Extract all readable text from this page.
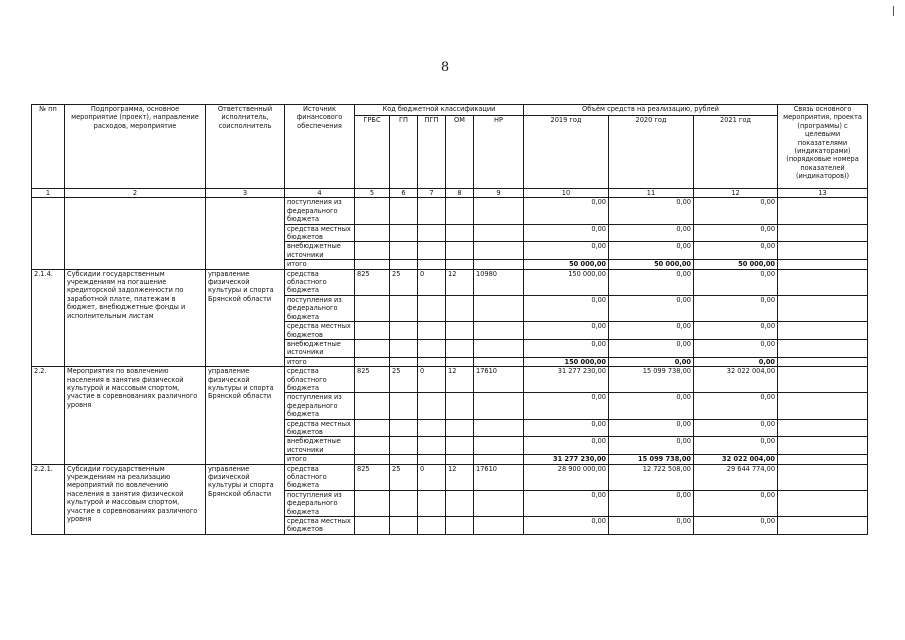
8
№ пп	Подпрограмма, основное мероприятие (проект), направление расходов, мероприятие	Ответственный исполнитель, соисполнитель	Источник финансового обеспечения	Код бюджетной классификации					Объём средств на реализацию, рублей			Связь основного мероприятия, проекта (программы) с целевыми показателями (индикаторами) (порядковые номера показателей (индикаторов))
				ГРБС	ГП	ПГП	ОМ	НР	2019 год	2020 год	2021 год	
1	2	3	4	5	6	7	8	9	10	11	12	13
			поступления из федерального бюджета						0,00	0,00	0,00	
			средства местных бюджетов						0,00	0,00	0,00	
			внебюджетные источники						0,00	0,00	0,00	
			итого						50 000,00	50 000,00	50 000,00	
2.1.4.	Субсидии государственным учреждениям на погашение кредиторской задолженности по заработной плате, платежам в бюджет, внебюджетные фонды и исполнительным листам	управление физической культуры и спорта Брянской области	средства областного бюджета	825	25	0	12	10980	150 000,00	0,00	0,00	
			поступления из федерального бюджета						0,00	0,00	0,00	
			средства местных бюджетов						0,00	0,00	0,00	
			внебюджетные источники						0,00	0,00	0,00	
			итого						150 000,00	0,00	0,00	
2.2.	Мероприятия по вовлечению населения в занятия физической культурой и массовым спортом, участие в соревнованиях различного уровня	управление физической культуры и спорта Брянской области	средства областного бюджета	825	25	0	12	17610	31 277 230,00	15 099 738,00	32 022 004,00	
			поступления из федерального бюджета						0,00	0,00	0,00	
			средства местных бюджетов						0,00	0,00	0,00	
			внебюджетные источники						0,00	0,00	0,00	
			итого						31 277 230,00	15 099 738,00	32 022 004,00	
2.2.1.	Субсидии государственным учреждениям на реализацию мероприятий по вовлечению населения в занятия физической культурой и массовым спортом, участие в соревнованиях различного уровня	управление физической культуры и спорта Брянской области	средства областного бюджета	825	25	0	12	17610	28 900 000,00	12 722 508,00	29 644 774,00	
			поступления из федерального бюджета						0,00	0,00	0,00	
			средства местных бюджетов						0,00	0,00	0,00	
